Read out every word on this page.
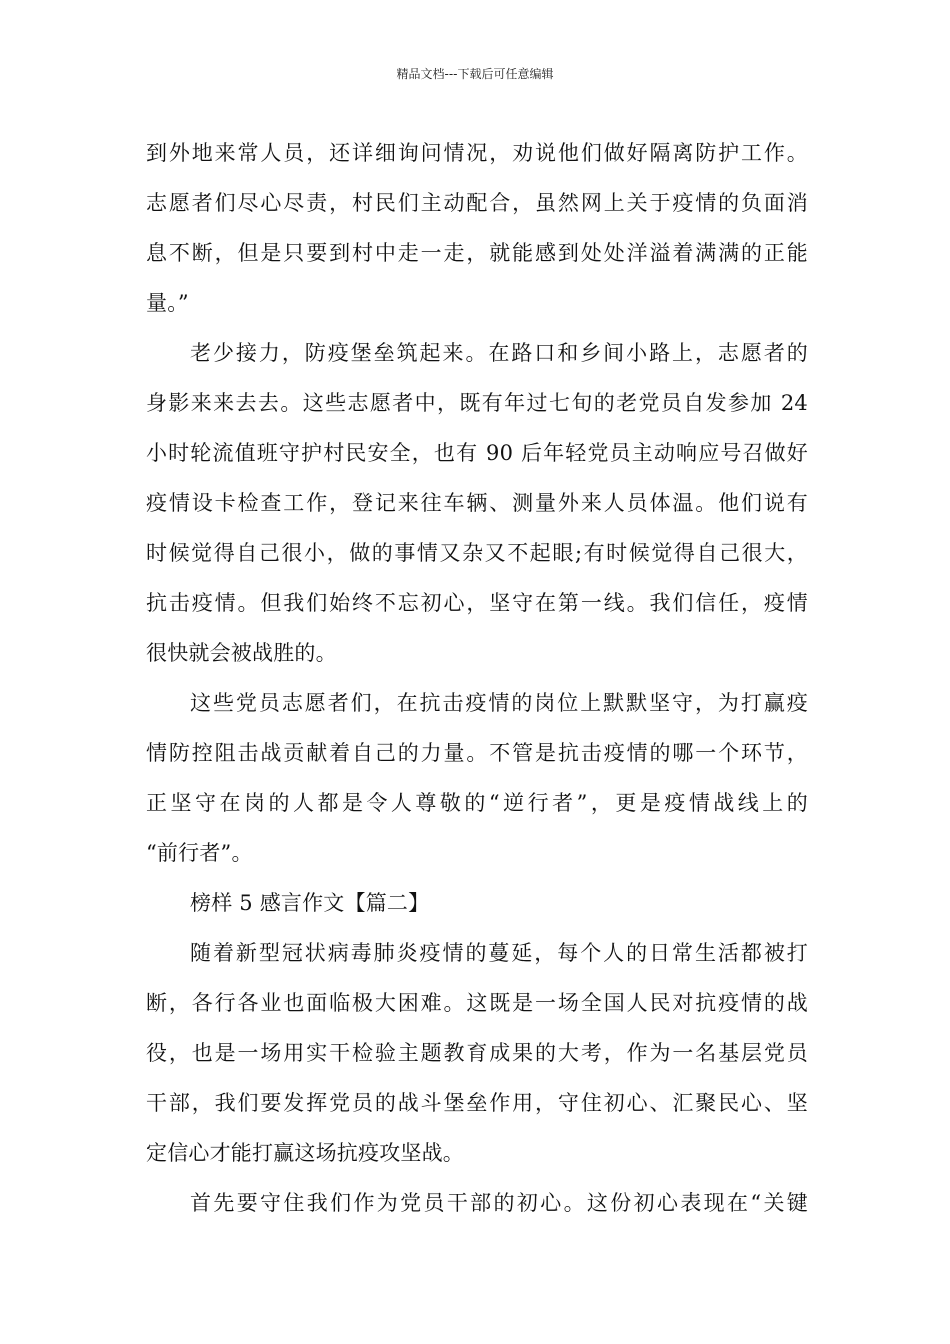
精品文档---下载后可任意编辑
到外地来常人员，还详细询问情况，劝说他们做好隔离防护工作。
志愿者们尽心尽责，村民们主动配合，虽然网上关于疫情的负面消
息不断，但是只要到村中走一走，就能感到处处洋溢着满满的正能
量。”
老少接力，防疫堡垒筑起来。在路口和乡间小路上，志愿者的
身影来来去去。这些志愿者中，既有年过七旬的老党员自发参加 24
小时轮流值班守护村民安全，也有 90 后年轻党员主动响应号召做好
疫情设卡检查工作，登记来往车辆、测量外来人员体温。他们说有
时候觉得自己很小，做的事情又杂又不起眼;有时候觉得自己很大，
抗击疫情。但我们始终不忘初心，坚守在第一线。我们信任，疫情
很快就会被战胜的。
这些党员志愿者们，在抗击疫情的岗位上默默坚守，为打赢疫
情防控阻击战贡献着自己的力量。不管是抗击疫情的哪一个环节，
正坚守在岗的人都是令人尊敬的“逆行者”，更是疫情战线上的
“前行者”。
榜样 5 感言作文【篇二】
随着新型冠状病毒肺炎疫情的蔓延，每个人的日常生活都被打
断，各行各业也面临极大困难。这既是一场全国人民对抗疫情的战
役，也是一场用实干检验主题教育成果的大考，作为一名基层党员
干部，我们要发挥党员的战斗堡垒作用，守住初心、汇聚民心、坚
定信心才能打赢这场抗疫攻坚战。
首先要守住我们作为党员干部的初心。这份初心表现在“关键
